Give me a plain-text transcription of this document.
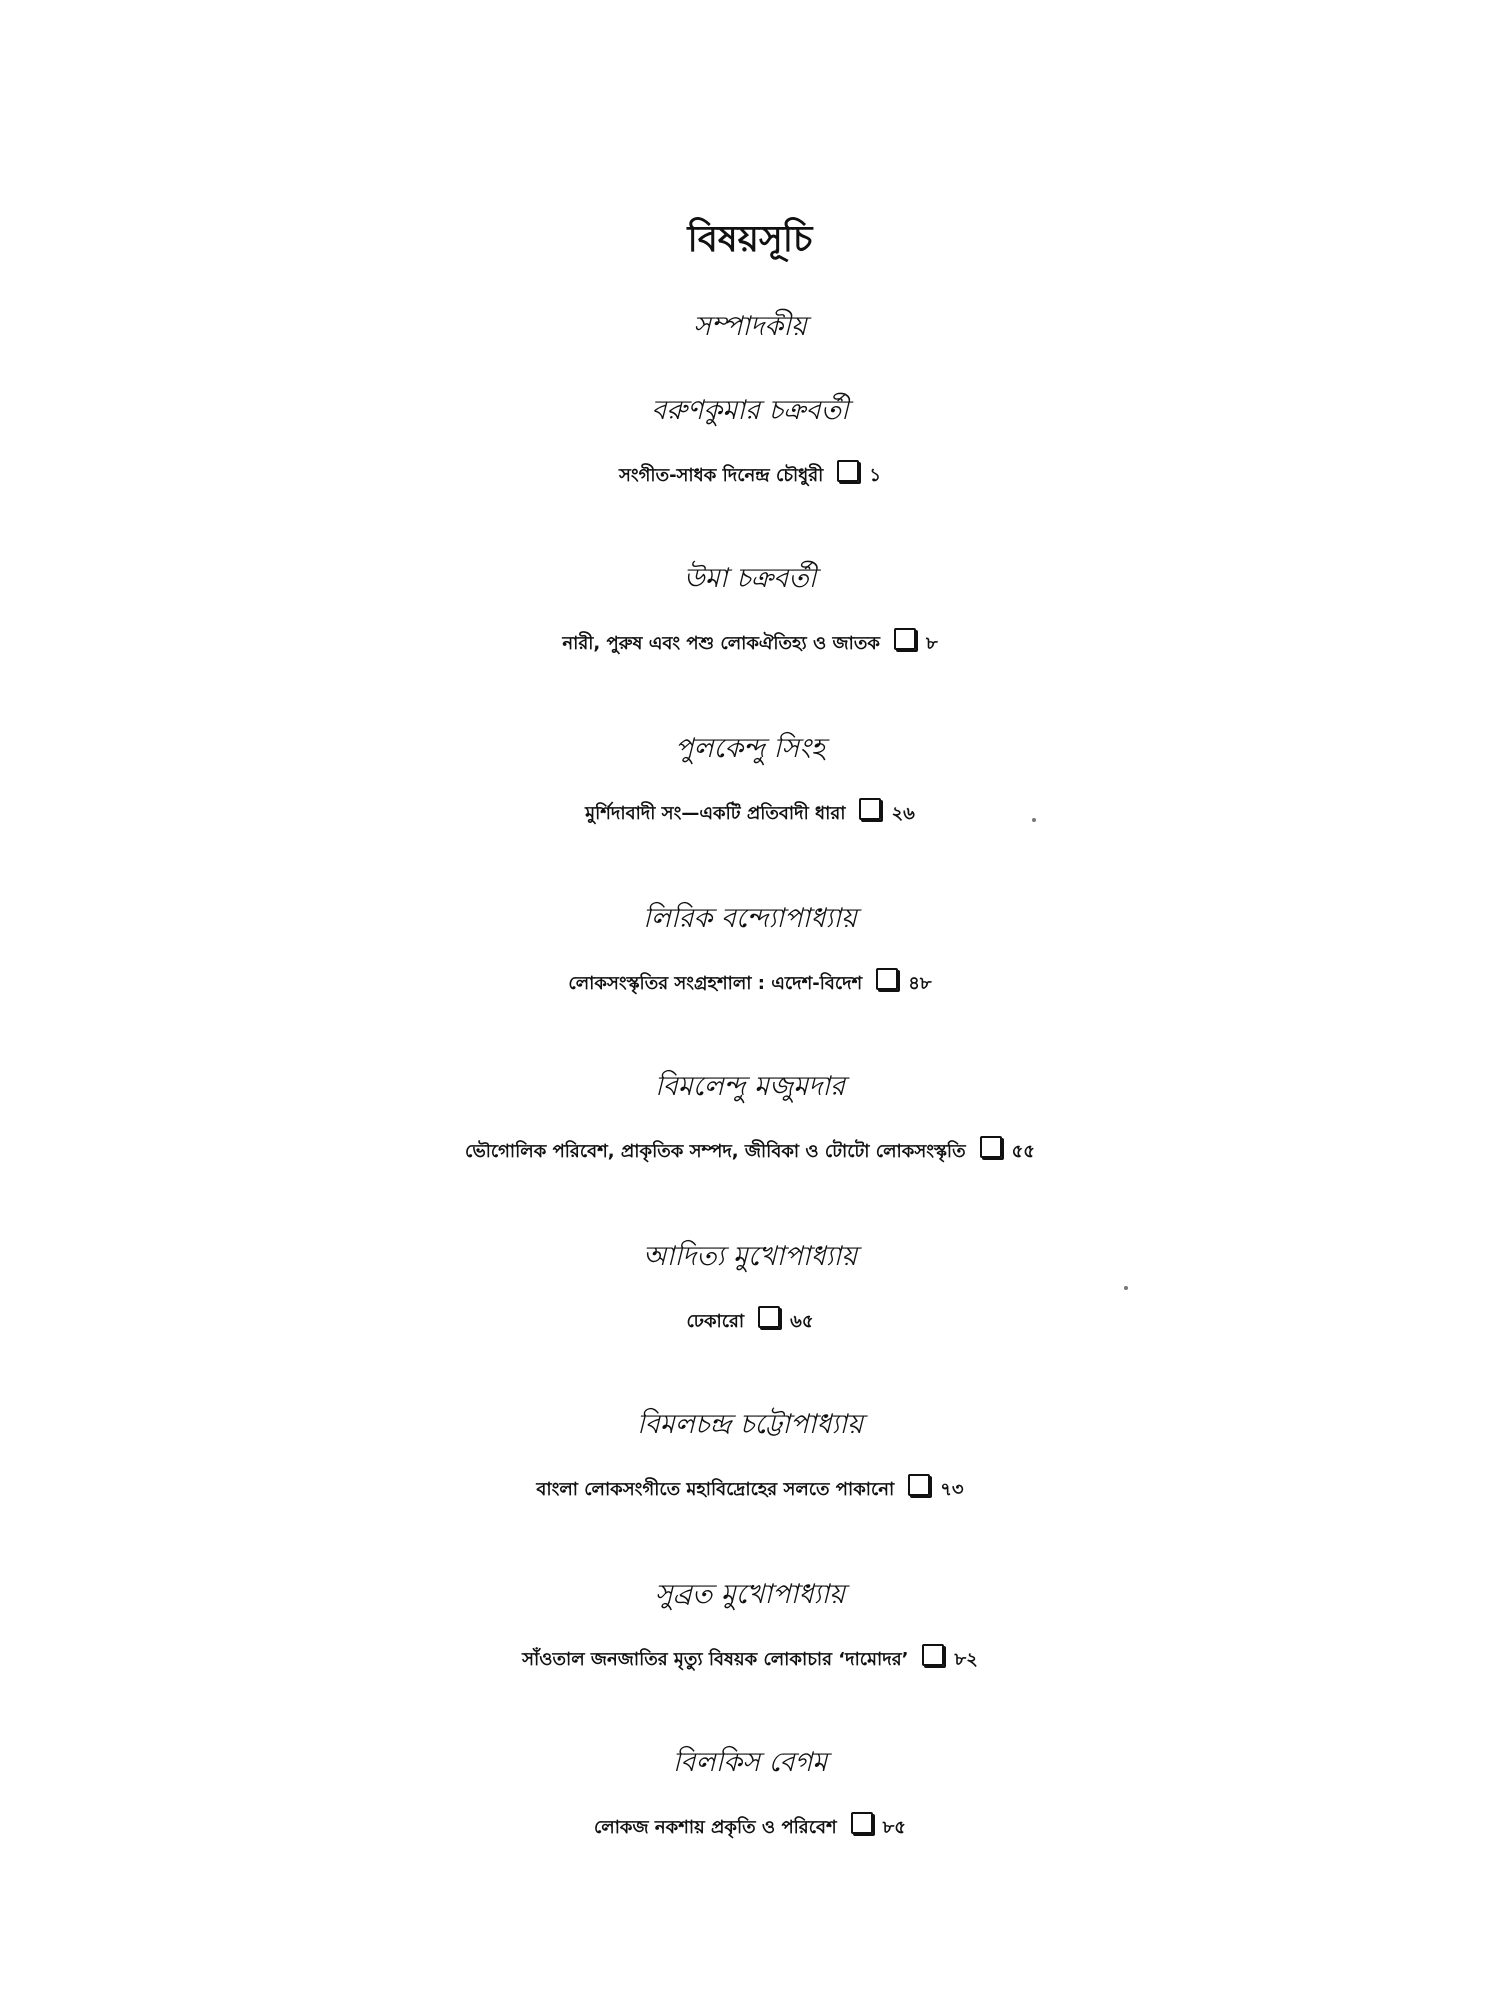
বিষয়সূচি
সম্পাদকীয়
বরুণকুমার চক্রবর্তী
সংগীত-সাধক দিনেন্দ্র চৌধুরী	১
উমা চক্রবর্তী
নারী, পুরুষ এবং পশু লোকঐতিহ্য ও জাতক	৮
পুলকেন্দু সিংহ
মুর্শিদাবাদী সং—একটি প্রতিবাদী ধারা	২৬
লিরিক বন্দ্যোপাধ্যায়
লোকসংস্কৃতির সংগ্রহশালা : এদেশ-বিদেশ	৪৮
বিমলেন্দু মজুমদার
ভৌগোলিক পরিবেশ, প্রাকৃতিক সম্পদ, জীবিকা ও টোটো লোকসংস্কৃতি	৫৫
আদিত্য মুখোপাধ্যায়
ঢেকারো	৬৫
বিমলচন্দ্র চট্টোপাধ্যায়
বাংলা লোকসংগীতে মহাবিদ্রোহের সলতে পাকানো	৭৩
সুব্রত মুখোপাধ্যায়
সাঁওতাল জনজাতির মৃত্যু বিষয়ক লোকাচার ‘দামোদর’	৮২
বিলকিস বেগম
লোকজ নকশায় প্রকৃতি ও পরিবেশ	৮৫
